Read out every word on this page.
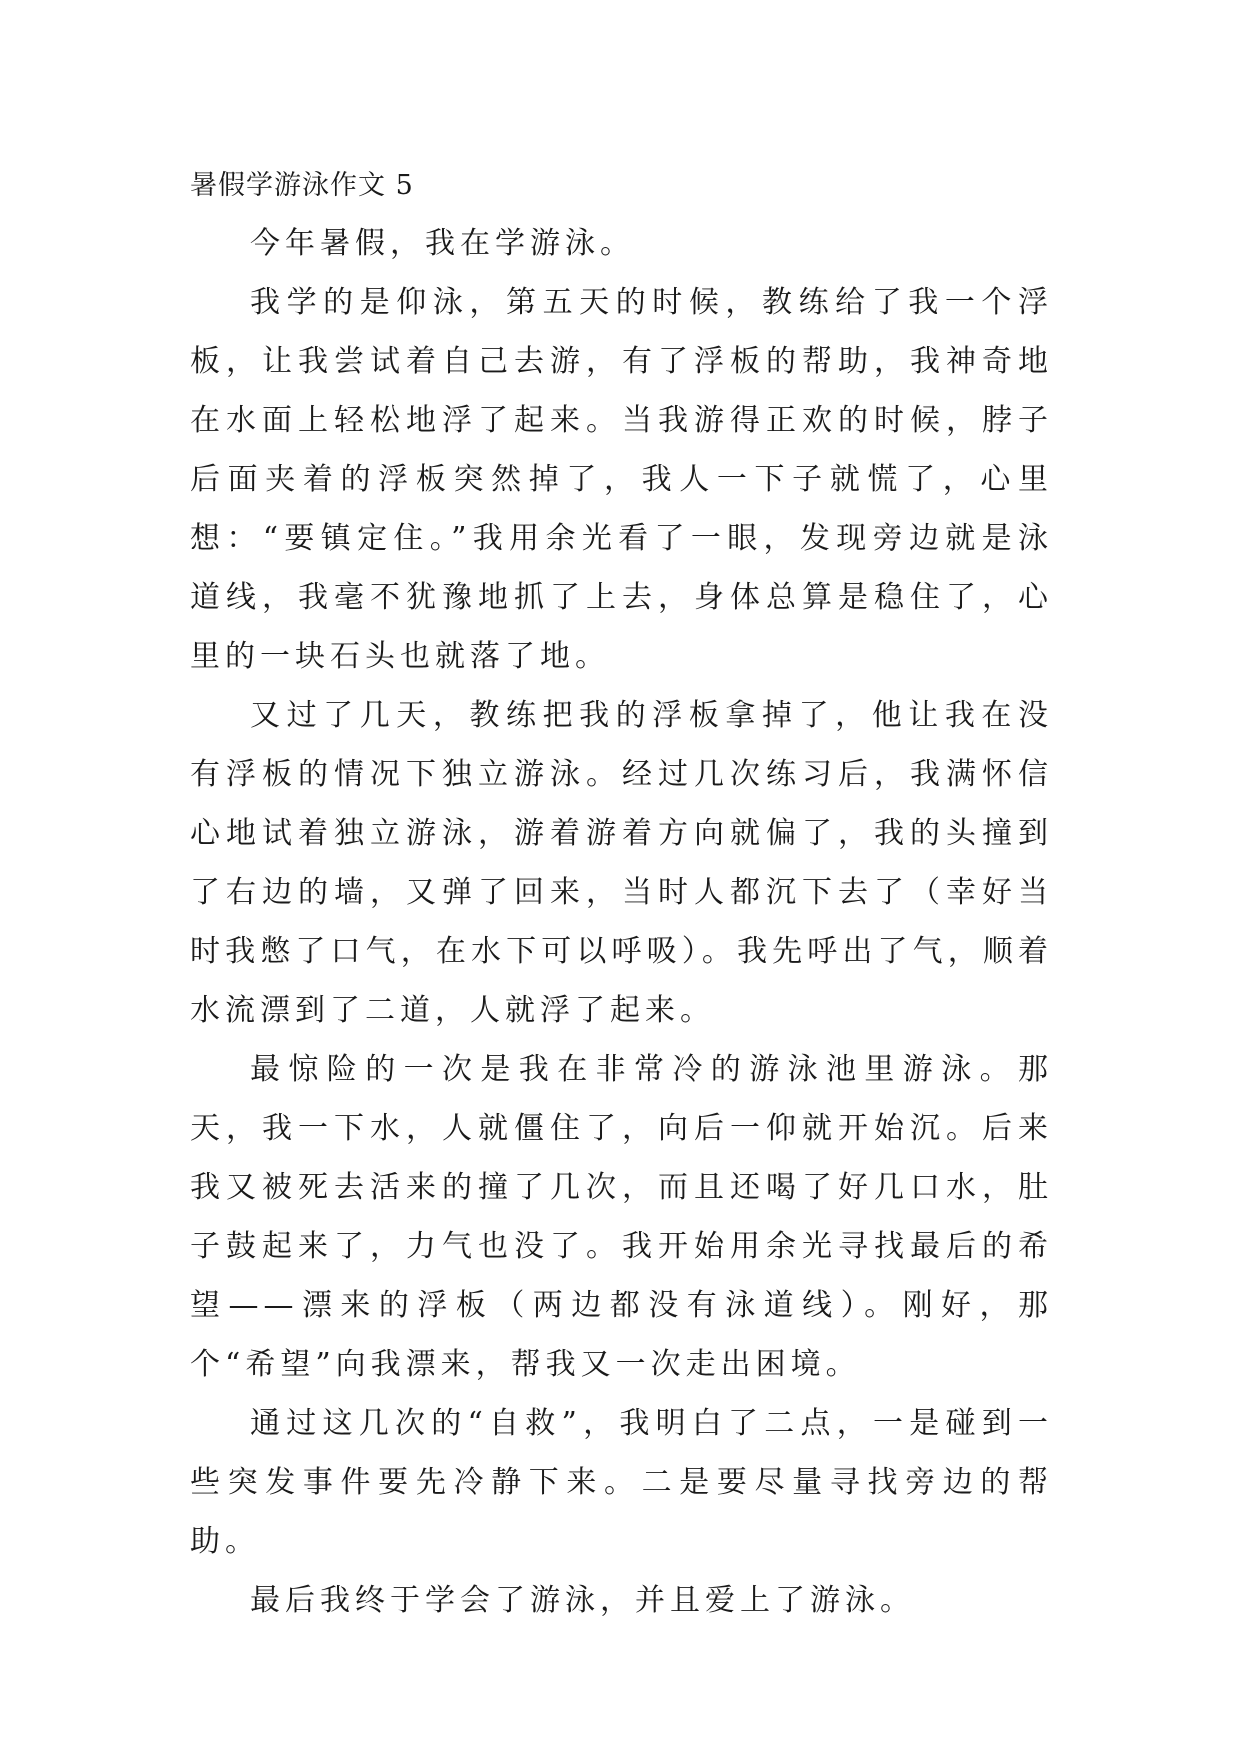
暑假学游泳作文 5

今年暑假，我在学游泳。

我学的是仰泳，第五天的时候，教练给了我一个浮板，让我尝试着自己去游，有了浮板的帮助，我神奇地在水面上轻松地浮了起来。当我游得正欢的时候，脖子后面夹着的浮板突然掉了，我人一下子就慌了，心里想：“要镇定住。”我用余光看了一眼，发现旁边就是泳道线，我毫不犹豫地抓了上去，身体总算是稳住了，心里的一块石头也就落了地。

又过了几天，教练把我的浮板拿掉了，他让我在没有浮板的情况下独立游泳。经过几次练习后，我满怀信心地试着独立游泳，游着游着方向就偏了，我的头撞到了右边的墙，又弹了回来，当时人都沉下去了（幸好当时我憋了口气，在水下可以呼吸）。我先呼出了气，顺着水流漂到了二道，人就浮了起来。

最惊险的一次是我在非常冷的游泳池里游泳。那天，我一下水，人就僵住了，向后一仰就开始沉。后来我又被死去活来的撞了几次，而且还喝了好几口水，肚子鼓起来了，力气也没了。我开始用余光寻找最后的希望——漂来的浮板（两边都没有泳道线）。刚好，那个“希望”向我漂来，帮我又一次走出困境。

通过这几次的“自救”，我明白了二点，一是碰到一些突发事件要先冷静下来。二是要尽量寻找旁边的帮助。

最后我终于学会了游泳，并且爱上了游泳。
